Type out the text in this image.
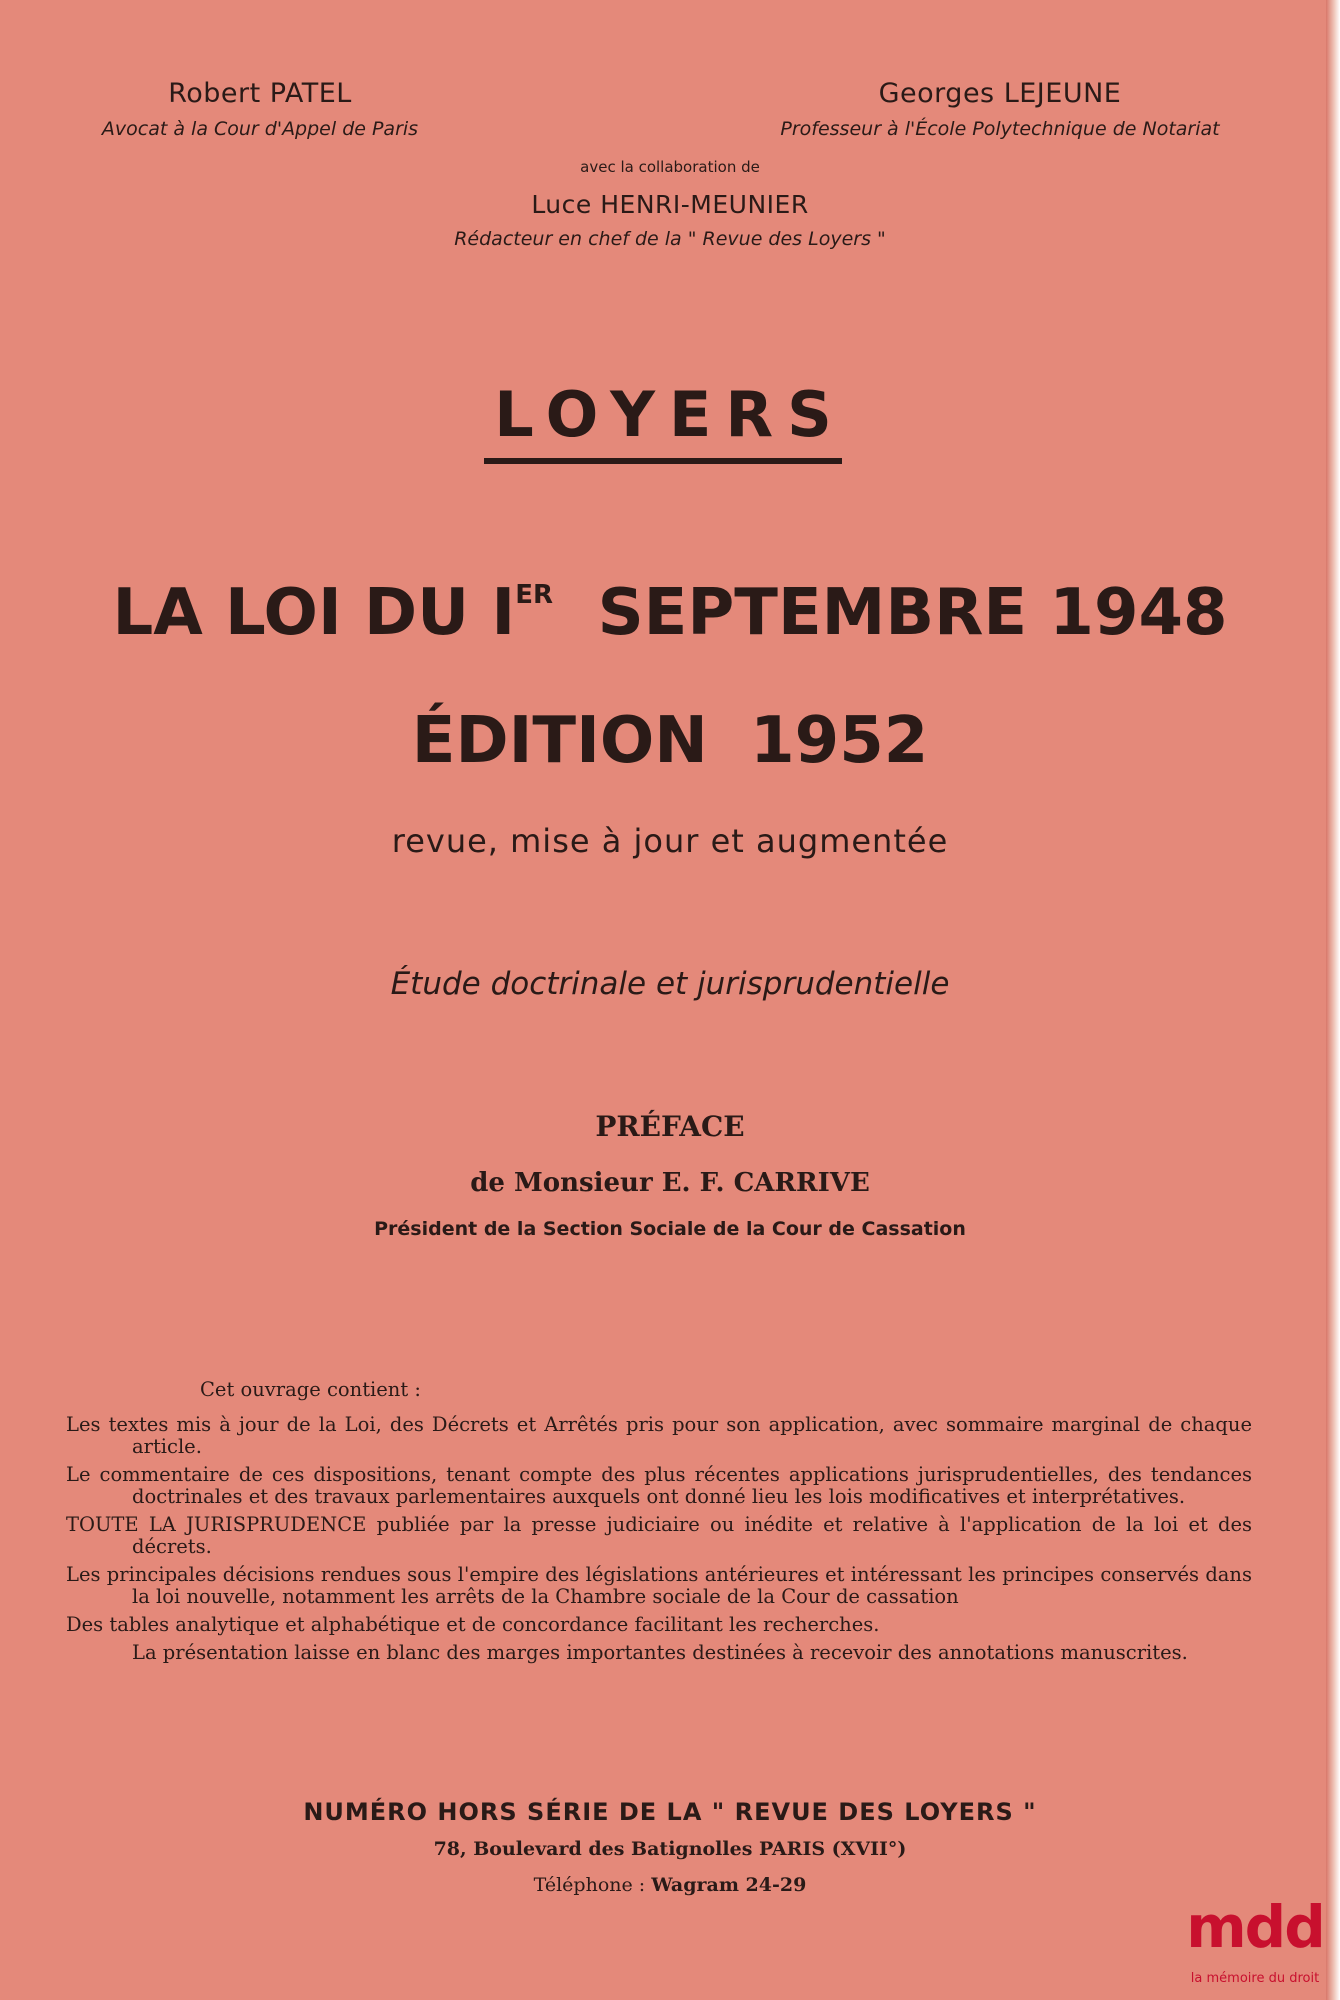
Robert PATEL
Avocat à la Cour d'Appel de Paris
Georges LEJEUNE
Professeur à l'École Polytechnique de Notariat
avec la collaboration de
Luce HENRI-MEUNIER
Rédacteur en chef de la " Revue des Loyers "
LOYERS
LA LOI DU IER SEPTEMBRE 1948
ÉDITION 1952
revue, mise à jour et augmentée
Étude doctrinale et jurisprudentielle
PRÉFACE
de Monsieur E. F. CARRIVE
Président de la Section Sociale de la Cour de Cassation
Cet ouvrage contient :

Les textes mis à jour de la Loi, des Décrets et Arrêtés pris pour son application, avec sommaire marginal de chaque article.

Le commentaire de ces dispositions, tenant compte des plus récentes applications jurisprudentielles, des tendances doctrinales et des travaux parlementaires auxquels ont donné lieu les lois modificatives et interprétatives.

TOUTE LA JURISPRUDENCE publiée par la presse judiciaire ou inédite et relative à l'application de la loi et des décrets.

Les principales décisions rendues sous l'empire des législations antérieures et intéressant les principes conservés dans la loi nouvelle, notamment les arrêts de la Chambre sociale de la Cour de cassation

Des tables analytique et alphabétique et de concordance facilitant les recherches.

La présentation laisse en blanc des marges importantes destinées à recevoir des annotations manuscrites.

NUMÉRO HORS SÉRIE DE LA " REVUE DES LOYERS "
78, Boulevard des Batignolles PARIS (XVII°)
Téléphone : Wagram 24-29
mdd
la mémoire du droit
